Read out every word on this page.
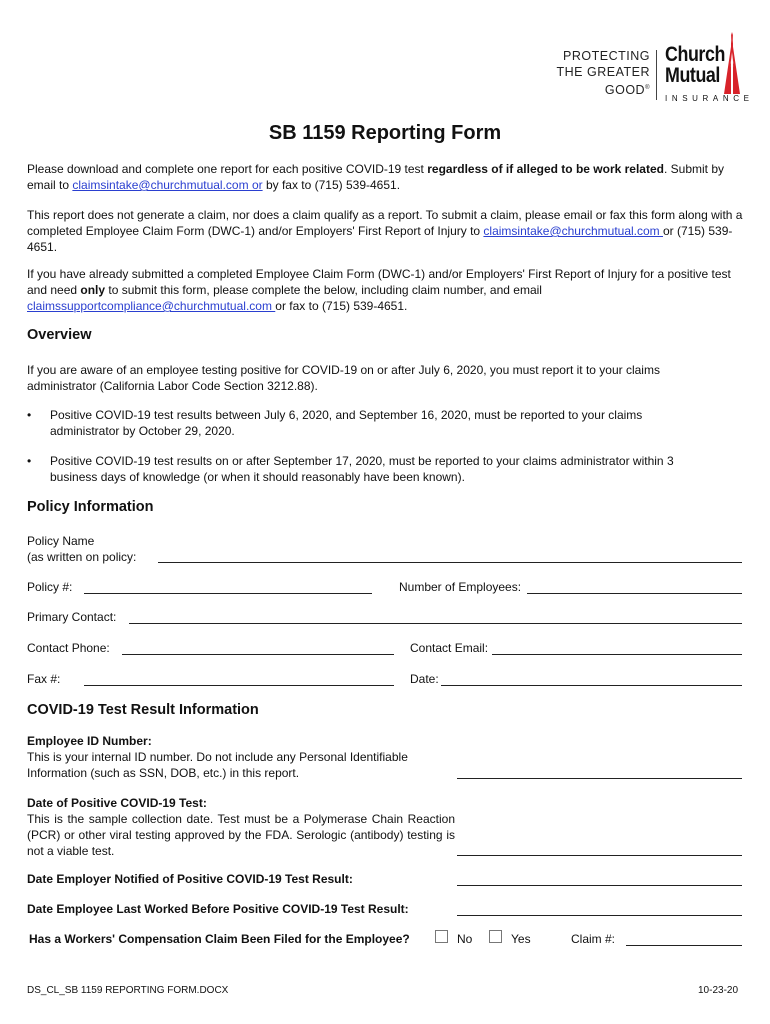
PROTECTING
THE GREATER
GOOD®
Church
Mutual
INSURANCE
SB 1159 Reporting Form

Please download and complete one report for each positive COVID-19 test regardless of if alleged to be work related. Submit by email to claimsintake@churchmutual.com or by fax to (715) 539-4651.

This report does not generate a claim, nor does a claim qualify as a report. To submit a claim, please email or fax this form along with a completed Employee Claim Form (DWC-1) and/or Employers' First Report of Injury to claimsintake@churchmutual.com or (715) 539-4651.

If you have already submitted a completed Employee Claim Form (DWC-1) and/or Employers' First Report of Injury for a positive test and need only to submit this form, please complete the below, including claim number, and email claimssupportcompliance@churchmutual.com or fax to (715) 539-4651.

Overview

If you are aware of an employee testing positive for COVID-19 on or after July 6, 2020, you must report it to your claims administrator (California Labor Code Section 3212.88).

• Positive COVID-19 test results between July 6, 2020, and September 16, 2020, must be reported to your claims administrator by October 29, 2020.
• Positive COVID-19 test results on or after September 17, 2020, must be reported to your claims administrator within 3 business days of knowledge (or when it should reasonably have been known).
Policy Information
Policy Name
(as written on policy:
Policy #:	Number of Employees:
Primary Contact:
Contact Phone:	Contact Email:
Fax #:	Date:
COVID-19 Test Result Information
Employee ID Number:
This is your internal ID number. Do not include any Personal Identifiable Information (such as SSN, DOB, etc.) in this report.
Date of Positive COVID-19 Test:
This is the sample collection date. Test must be a Polymerase Chain Reaction (PCR) or other viral testing approved by the FDA. Serologic (antibody) testing is not a viable test.
Date Employer Notified of Positive COVID-19 Test Result:
Date Employee Last Worked Before Positive COVID-19 Test Result:
Has a Workers' Compensation Claim Been Filed for the Employee?	No	Yes	Claim #:
DS_CL_SB 1159 REPORTING FORM.DOCX	10-23-20
